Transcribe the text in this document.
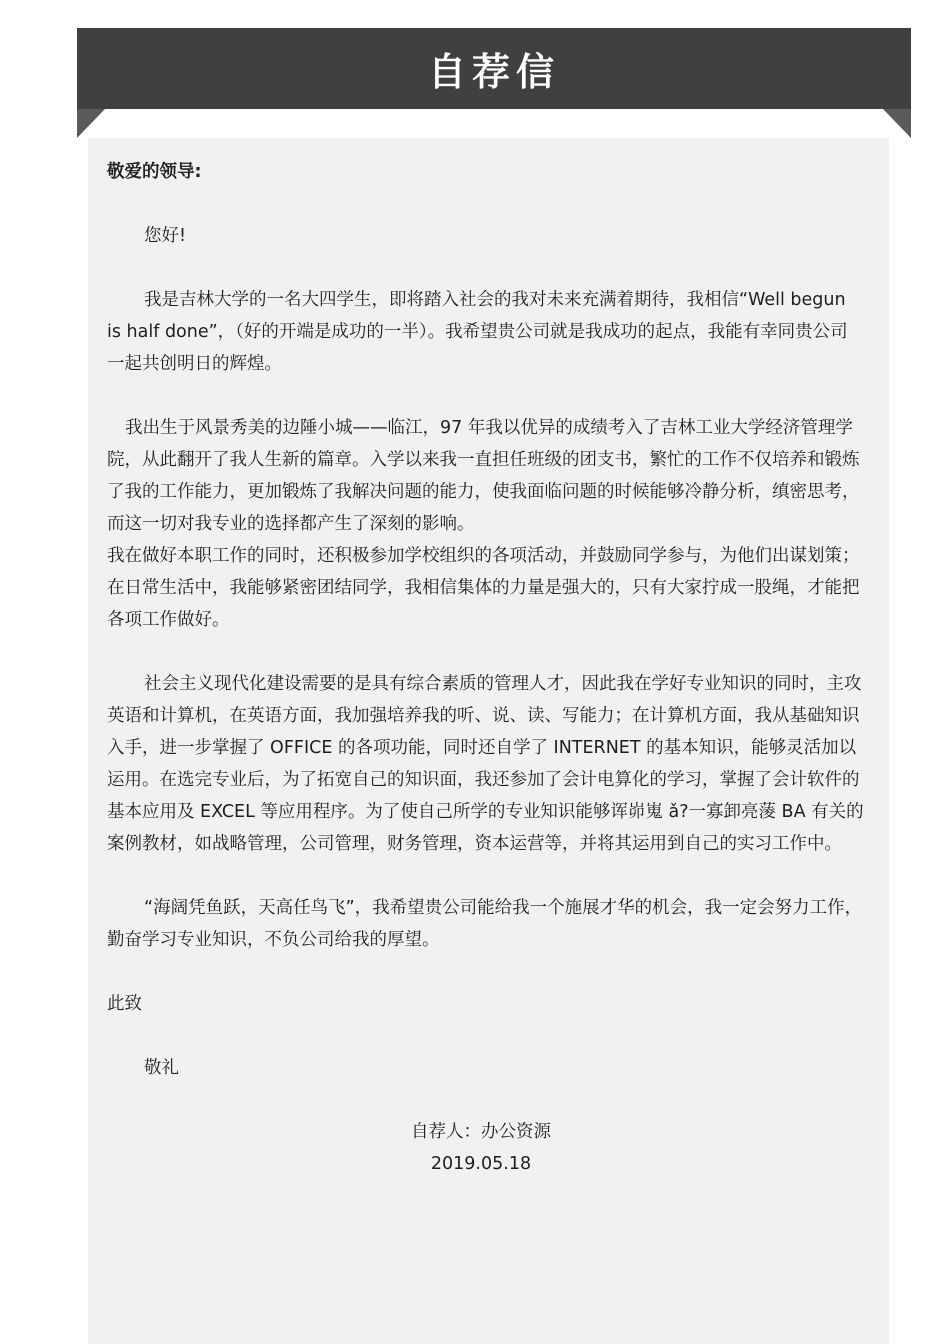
自荐信

敬爱的领导:

您好!

我是吉林大学的一名大四学生，即将踏入社会的我对未来充满着期待，我相信“Well begun is half done”，（好的开端是成功的一半）。我希望贵公司就是我成功的起点，我能有幸同贵公司一起共创明日的辉煌。

我出生于风景秀美的边陲小城——临江，97 年我以优异的成绩考入了吉林工业大学经济管理学院，从此翻开了我人生新的篇章。入学以来我一直担任班级的团支书，繁忙的工作不仅培养和锻炼了我的工作能力，更加锻炼了我解决问题的能力，使我面临问题的时候能够冷静分析，缜密思考，而这一切对我专业的选择都产生了深刻的影响。

我在做好本职工作的同时，还积极参加学校组织的各项活动，并鼓励同学参与，为他们出谋划策；在日常生活中，我能够紧密团结同学，我相信集体的力量是强大的，只有大家拧成一股绳，才能把各项工作做好。

社会主义现代化建设需要的是具有综合素质的管理人才，因此我在学好专业知识的同时，主攻英语和计算机，在英语方面，我加强培养我的听、说、读、写能力；在计算机方面，我从基础知识入手，进一步掌握了 OFFICE 的各项功能，同时还自学了 INTERNET 的基本知识，能够灵活加以运用。在选完专业后，为了拓宽自己的知识面，我还参加了会计电算化的学习，掌握了会计软件的基本应用及 EXCEL 等应用程序。为了使自己所学的专业知识能够诨峁嵬 ǎ?一寡卸亮蔆 BA 有关的案例教材，如战略管理，公司管理，财务管理，资本运营等，并将其运用到自己的实习工作中。

“海阔凭鱼跃，天高任鸟飞”，我希望贵公司能给我一个施展才华的机会，我一定会努力工作，勤奋学习专业知识，不负公司给我的厚望。

此致

敬礼

自荐人：办公资源

2019.05.18
